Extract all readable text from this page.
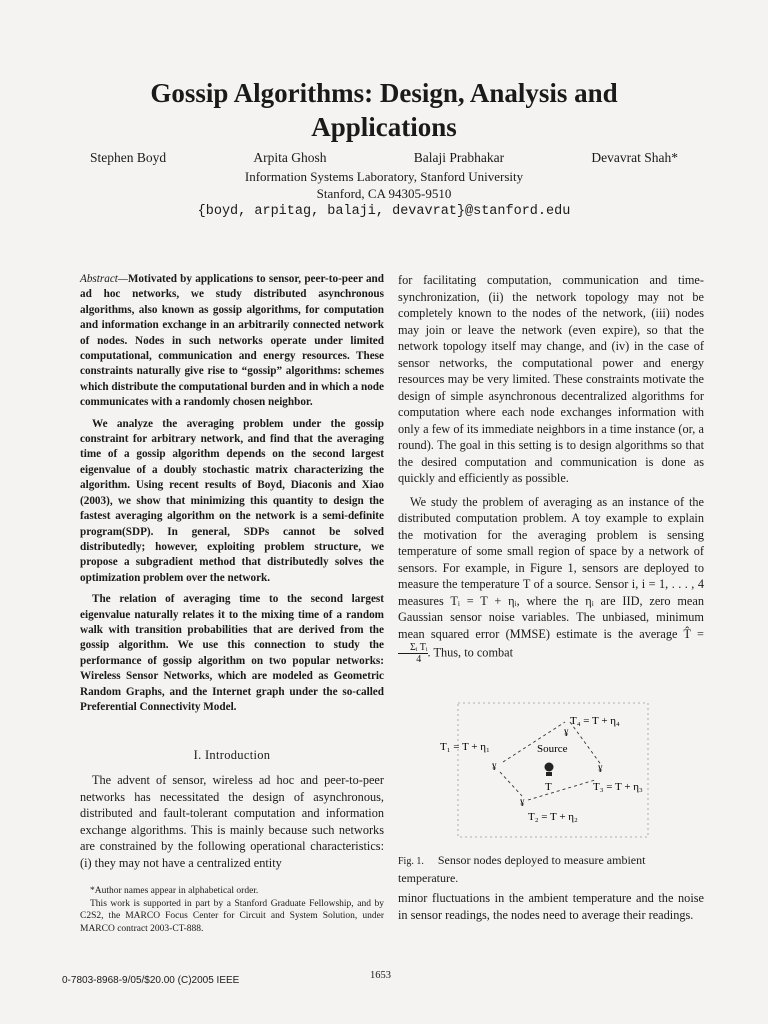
Gossip Algorithms: Design, Analysis and
Applications
Stephen Boyd	Arpita Ghosh	Balaji Prabhakar	Devavrat Shah*
Information Systems Laboratory, Stanford University
Stanford, CA 94305-9510
{boyd, arpitag, balaji, devavrat}@stanford.edu

Abstract—Motivated by applications to sensor, peer-to-peer and ad hoc networks, we study distributed asynchronous algorithms, also known as gossip algorithms, for computation and information exchange in an arbitrarily connected network of nodes. Nodes in such networks operate under limited computational, communication and energy resources. These constraints naturally give rise to “gossip” algorithms: schemes which distribute the computational burden and in which a node communicates with a randomly chosen neighbor.

We analyze the averaging problem under the gossip constraint for arbitrary network, and find that the averaging time of a gossip algorithm depends on the second largest eigenvalue of a doubly stochastic matrix characterizing the algorithm. Using recent results of Boyd, Diaconis and Xiao (2003), we show that minimizing this quantity to design the fastest averaging algorithm on the network is a semi-definite program(SDP). In general, SDPs cannot be solved distributedly; however, exploiting problem structure, we propose a subgradient method that distributedly solves the optimization problem over the network.

The relation of averaging time to the second largest eigenvalue naturally relates it to the mixing time of a random walk with transition probabilities that are derived from the gossip algorithm. We use this connection to study the performance of gossip algorithm on two popular networks: Wireless Sensor Networks, which are modeled as Geometric Random Graphs, and the Internet graph under the so-called Preferential Connectivity Model.

I. Introduction

The advent of sensor, wireless ad hoc and peer-to-peer networks has necessitated the design of asynchronous, distributed and fault-tolerant computation and information exchange algorithms. This is mainly because such networks are constrained by the following operational characteristics: (i) they may not have a centralized entity

*Author names appear in alphabetical order.

This work is supported in part by a Stanford Graduate Fellowship, and by C2S2, the MARCO Focus Center for Circuit and System Solution, under MARCO contract 2003-CT-888.

for facilitating computation, communication and time-synchronization, (ii) the network topology may not be completely known to the nodes of the network, (iii) nodes may join or leave the network (even expire), so that the network topology itself may change, and (iv) in the case of sensor networks, the computational power and energy resources may be very limited. These constraints motivate the design of simple asynchronous decentralized algorithms for computation where each node exchanges information with only a few of its immediate neighbors in a time instance (or, a round). The goal in this setting is to design algorithms so that the desired computation and communication is done as quickly and efficiently as possible.

We study the problem of averaging as an instance of the distributed computation problem. A toy example to explain the motivation for the averaging problem is sensing temperature of some small region of space by a network of sensors. For example, in Figure 1, sensors are deployed to measure the temperature T of a source. Sensor i, i = 1, . . . , 4 measures Tᵢ = T + ηᵢ, where the ηᵢ are IID, zero mean Gaussian sensor noise variables. The unbiased, minimum mean squared error (MMSE) estimate is the average T̂ =
$\frac{\text{Σᵢ Tᵢ}}{4}$ . Thus, to combat

¥
¥
¥
¥
T₄ = T + η₄
T₁ = T + η₁	Source
T	T₃ = T + η₃
T₂ = T + η₂
Fig. 1. Sensor nodes deployed to measure ambient temperature.

minor fluctuations in the ambient temperature and the noise in sensor readings, the nodes need to average their readings.

0-7803-8968-9/05/$20.00 (C)2005 IEEE	1653
